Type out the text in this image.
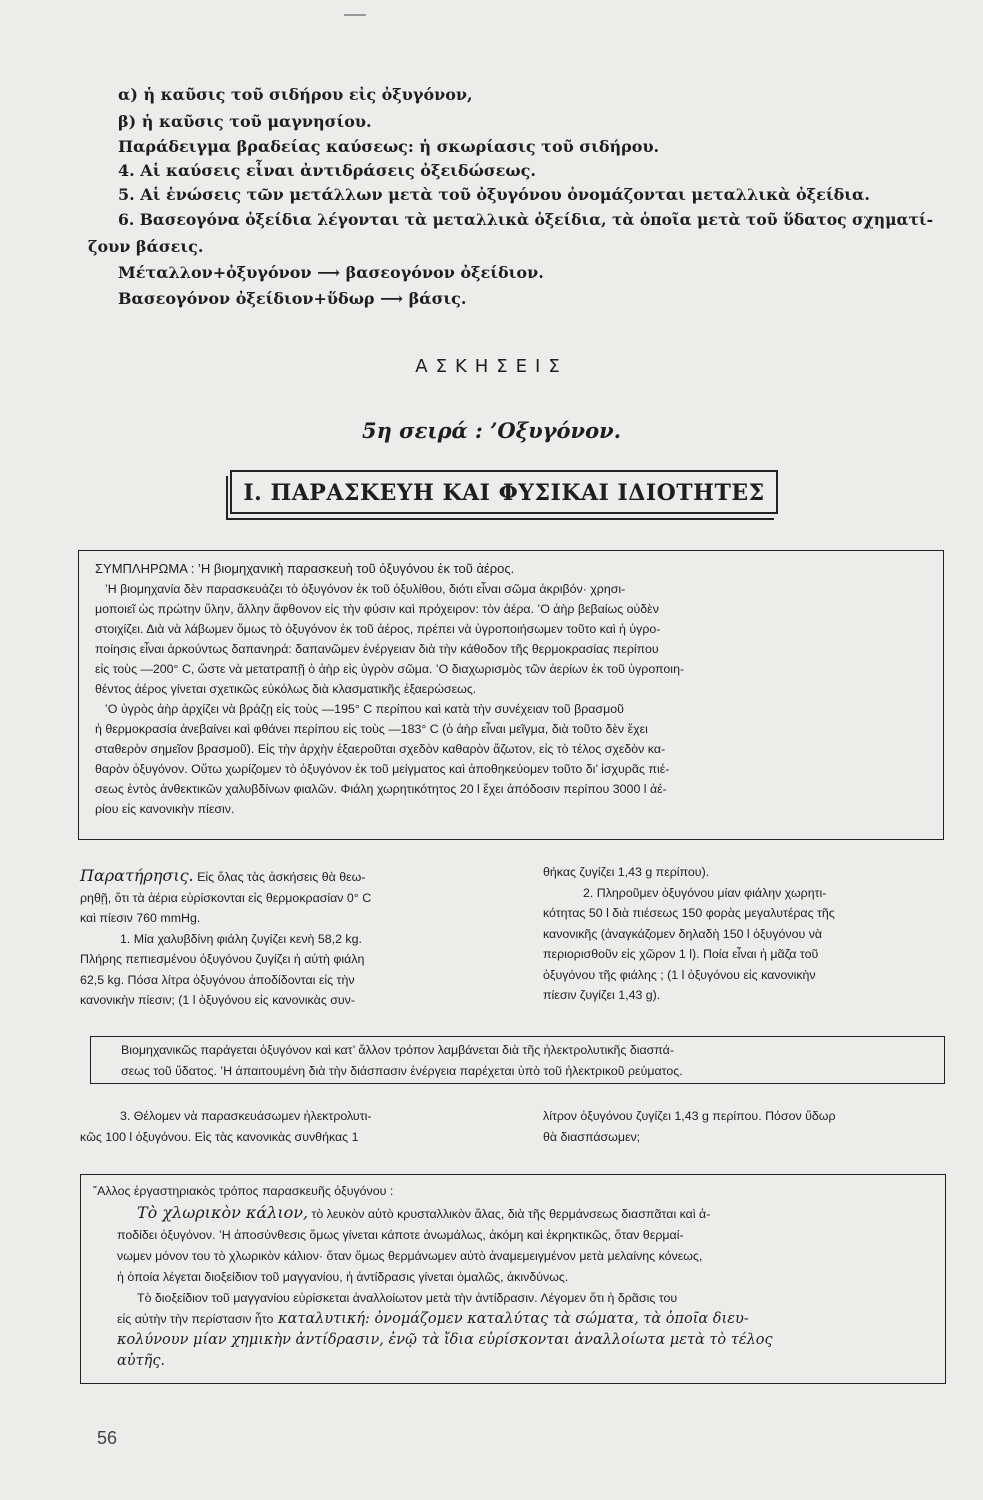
α) ἡ καῦσις τοῦ σιδήρου εἰς ὀξυγόνον,
β) ἡ καῦσις τοῦ μαγνησίου.
Παράδειγμα βραδείας καύσεως: ἡ σκωρίασις τοῦ σιδήρου.
4. Αἱ καύσεις εἶναι ἀντιδράσεις ὀξειδώσεως.
5. Αἱ ἑνώσεις τῶν μετάλλων μετὰ τοῦ ὀξυγόνου ὀνομάζονται μεταλλικὰ ὀξείδια.
6. Βασεογόνα ὀξείδια λέγονται τὰ μεταλλικὰ ὀξείδια, τὰ ὁποῖα μετὰ τοῦ ὕδατος σχηματί-
ζουν βάσεις.
Μέταλλον+ὀξυγόνον ⟶ βασεογόνον ὀξείδιον.
Βασεογόνον ὀξείδιον+ὕδωρ ⟶ βάσις.
ΑΣΚΗΣΕΙΣ
5η σειρά : ’Οξυγόνον.
I. ΠΑΡΑΣΚΕΥΗ ΚΑΙ ΦΥΣΙΚΑΙ ΙΔΙΟΤΗΤΕΣ
ΣΥΜΠΛΗΡΩΜΑ : ‛Η βιομηχανικὴ παρασκευὴ τοῦ ὀξυγόνου ἐκ τοῦ ἀέρος.
‛Η βιομηχανία δὲν παρασκευάζει τὸ ὀξυγόνον ἐκ τοῦ ὀξυλίθου, διότι εἶναι σῶμα ἀκριβόν· χρησι-
μοποιεῖ ὡς πρώτην ὕλην, ἄλλην ἄφθονον εἰς τὴν φύσιν καὶ πρόχειρον: τὸν ἀέρα. ‛Ο ἀὴρ βεβαίως οὐδὲν
στοιχίζει. Διὰ νὰ λάβωμεν ὅμως τὸ ὀξυγόνον ἐκ τοῦ ἀέρος, πρέπει νὰ ὑγροποιήσωμεν τοῦτο καὶ ἡ ὑγρο-
ποίησις εἶναι ἀρκούντως δαπανηρά: δαπανῶμεν ἐνέργειαν διὰ τὴν κάθοδον τῆς θερμοκρασίας περίπου
εἰς τοὺς —200° C, ὥστε νὰ μετατραπῇ ὁ ἀὴρ εἰς ὑγρὸν σῶμα. ‛Ο διαχωρισμὸς τῶν ἀερίων ἐκ τοῦ ὑγροποιη-
θέντος ἀέρος γίνεται σχετικῶς εὐκόλως διὰ κλασματικῆς ἐξαερώσεως.
‛Ο ὑγρὸς ἀὴρ ἀρχίζει νὰ βράζῃ εἰς τοὺς —195° C περίπου καὶ κατὰ τὴν συνέχειαν τοῦ βρασμοῦ
ἡ θερμοκρασία ἀνεβαίνει καὶ φθάνει περίπου εἰς τοὺς —183° C (ὁ ἀὴρ εἶναι μεῖγμα, διὰ τοῦτο δὲν ἔχει
σταθερὸν σημεῖον βρασμοῦ). Εἰς τὴν ἀρχὴν ἐξαεροῦται σχεδὸν καθαρὸν ἄζωτον, εἰς τὸ τέλος σχεδὸν κα-
θαρὸν ὀξυγόνον. Οὕτω χωρίζομεν τὸ ὀξυγόνον ἐκ τοῦ μείγματος καὶ ἀποθηκεύομεν τοῦτο δι’ ἰσχυρᾶς πιέ-
σεως ἐντὸς ἀνθεκτικῶν χαλυβδίνων φιαλῶν. Φιάλη χωρητικότητος 20 l ἔχει ἀπόδοσιν περίπου 3000 l ἀέ-
ρίου εἰς κανονικὴν πίεσιν.
Παρατήρησις. Εἰς ὅλας τὰς ἀσκήσεις θὰ θεω-
ρηθῇ, ὅτι τὰ ἀέρια εὑρίσκονται εἰς θερμοκρασίαν 0° C
καὶ πίεσιν 760 mmHg.
1. Μία χαλυβδίνη φιάλη ζυγίζει κενὴ 58,2 kg.
Πλήρης πεπιεσμένου ὀξυγόνου ζυγίζει ἡ αὐτὴ φιάλη
62,5 kg. Πόσα λίτρα ὀξυγόνου ἀποδίδονται εἰς τὴν
κανονικὴν πίεσιν; (1 l ὀξυγόνου εἰς κανονικὰς συν-
θήκας ζυγίζει 1,43 g περίπου).
2. Πληροῦμεν ὀξυγόνου μίαν φιάλην χωρητι-
κότητας 50 l διὰ πιέσεως 150 φορὰς μεγαλυτέρας τῆς
κανονικῆς (ἀναγκάζομεν δηλαδὴ 150 l ὀξυγόνου νὰ
περιορισθοῦν εἰς χῶρον 1 l). Ποία εἶναι ἡ μᾶζα τοῦ
ὀξυγόνου τῆς φιάλης ; (1 l ὀξυγόνου εἰς κανονικὴν
πίεσιν ζυγίζει 1,43 g).
Βιομηχανικῶς παράγεται ὀξυγόνον καὶ κατ’ ἄλλον τρόπον λαμβάνεται διὰ τῆς ἠλεκτρολυτικῆς διασπά-
σεως τοῦ ὕδατος. ‛Η ἀπαιτουμένη διὰ τὴν διάσπασιν ἐνέργεια παρέχεται ὑπὸ τοῦ ἠλεκτρικοῦ ρεύματος.
3. Θέλομεν νὰ παρασκευάσωμεν ἠλεκτρολυτι-
κῶς 100 l ὀξυγόνου. Εἰς τὰς κανονικὰς συνθήκας 1
λίτρον ὀξυγόνου ζυγίζει 1,43 g περίπου. Πόσον ὕδωρ
θὰ διασπάσωμεν;
῎Αλλος ἐργαστηριακὸς τρόπος παρασκευῆς ὀξυγόνου :
Τὸ χλωρικὸν κάλιον, τὸ λευκὸν αὐτὸ κρυσταλλικὸν ἅλας, διὰ τῆς θερμάνσεως διασπᾶται καὶ ἀ-
ποδίδει ὀξυγόνον. ‛Η ἀποσύνθεσις ὅμως γίνεται κάποτε ἀνωμάλως, ἀκόμη καὶ ἐκρηκτικῶς, ὅταν θερμαί-
νωμεν μόνον του τὸ χλωρικὸν κάλιον· ὅταν ὅμως θερμάνωμεν αὐτὸ ἀναμεμειγμένον μετὰ μελαίνης κόνεως,
ἡ ὁποία λέγεται διοξείδιον τοῦ μαγγανίου, ἡ ἀντίδρασις γίνεται ὁμαλῶς, ἀκινδύνως.
Τὸ διοξείδιον τοῦ μαγγανίου εὑρίσκεται ἀναλλοίωτον μετὰ τὴν ἀντίδρασιν. Λέγομεν ὅτι ἡ δρᾶσις του
εἰς αὐτὴν τὴν περίστασιν ἦτο καταλυτική: ὀνομάζομεν καταλύτας τὰ σώματα, τὰ ὁποῖα διευ-
κολύνουν μίαν χημικὴν ἀντίδρασιν, ἐνῷ τὰ ἴδια εὑρίσκονται ἀναλλοίωτα μετὰ τὸ τέλος
αὐτῆς.
56
